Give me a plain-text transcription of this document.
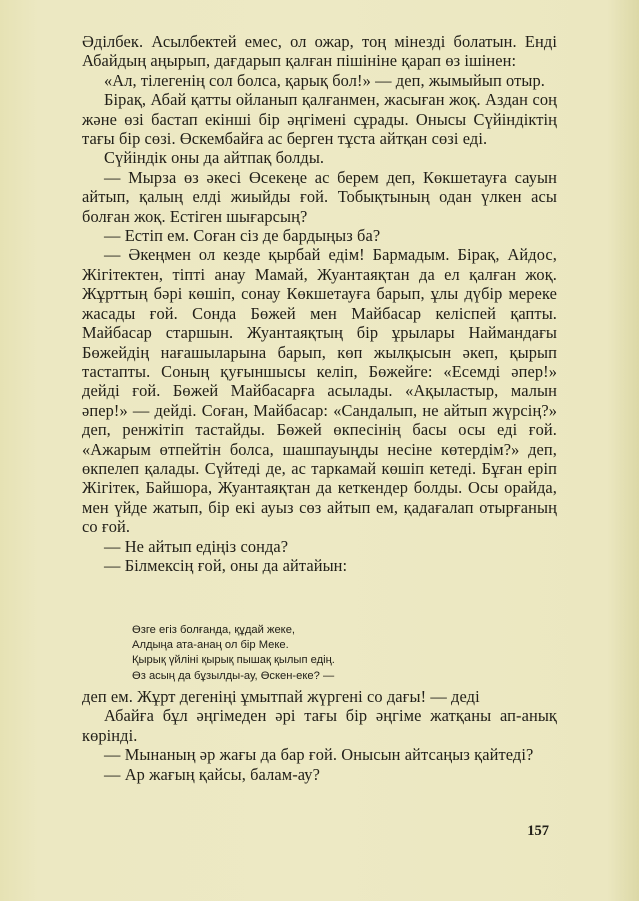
Әділбек. Асылбектей емес, ол ожар, тоң мінезді болатын. Енді Абайдың аңырып, дағдарып қалған пішініне қарап өз ішінен:

«Ал, тілегенің сол болса, қарық бол!» — деп, жымыйып отыр.

Бірақ, Абай қатты ойланып қалғанмен, жасыған жоқ. Аздан соң және өзі бастап екінші бір әңгімені сұрады. Онысы Сүйіндіктің тағы бір сөзі. Өскембайға ас берген тұста айтқан сөзі еді.

Сүйіндік оны да айтпақ болды.

— Мырза өз әкесі Өсекеңе ас берем деп, Көкшетауға сауын айтып, қалың елді жиыйды ғой. Тобықтының одан үлкен асы болған жоқ. Естіген шығарсың?

— Естіп ем. Соған сіз де бардыңыз ба?

— Әкеңмен ол кезде қырбай едім! Бармадым. Бірақ, Айдос, Жігітектен, тіпті анау Мамай, Жуантаяқтан да ел қалған жоқ. Жұрттың бәрі көшіп, сонау Көкшетауға барып, ұлы дүбір мереке жасады ғой. Сонда Бөжей мен Майбасар келіспей қапты. Майбасар старшын. Жуантаяқтың бір ұрылары Наймандағы Бөжейдің нағашыларына барып, көп жылқысын әкеп, қырып тастапты. Соның қуғыншысы келіп, Бөжейге: «Есемді әпер!» дейді ғой. Бөжей Майбасарға асылады. «Ақыластыр, малын әпер!» — дейді. Соған, Майбасар: «Сандалып, не айтып жүрсің?» деп, ренжітіп тастайды. Бөжей өкпесінің басы осы еді ғой. «Ажарым өтпейтін болса, шашпауыңды несіне көтердім?» деп, өкпелеп қалады. Сүйтеді де, ас таркамай көшіп кетеді. Бұған еріп Жігітек, Байшора, Жуантаяқтан да кеткендер болды. Осы орайда, мен үйде жатып, бір екі ауыз сөз айтып ем, қадағалап отырғаның со ғой.

— Не айтып едіңіз сонда?

— Білмексің ғой, оны да айтайын:

Өзге егіз болғанда, құдай жеке,
Алдыңа ата-анаң ол бір Меке.
Қырық үйліні қырық пышақ қылып едің.
Өз асың да бұзылды-ау, Өскен-еке? —

деп ем. Жұрт дегеніңі ұмытпай жүргені со дағы! — деді

Абайға бұл әңгімеден әрі тағы бір әңгіме жатқаны ап-анық көрінді.

— Мынаның әр жағы да бар ғой. Онысын айтсаңыз қайтеді?

— Ар жағың қайсы, балам-ау?

157
